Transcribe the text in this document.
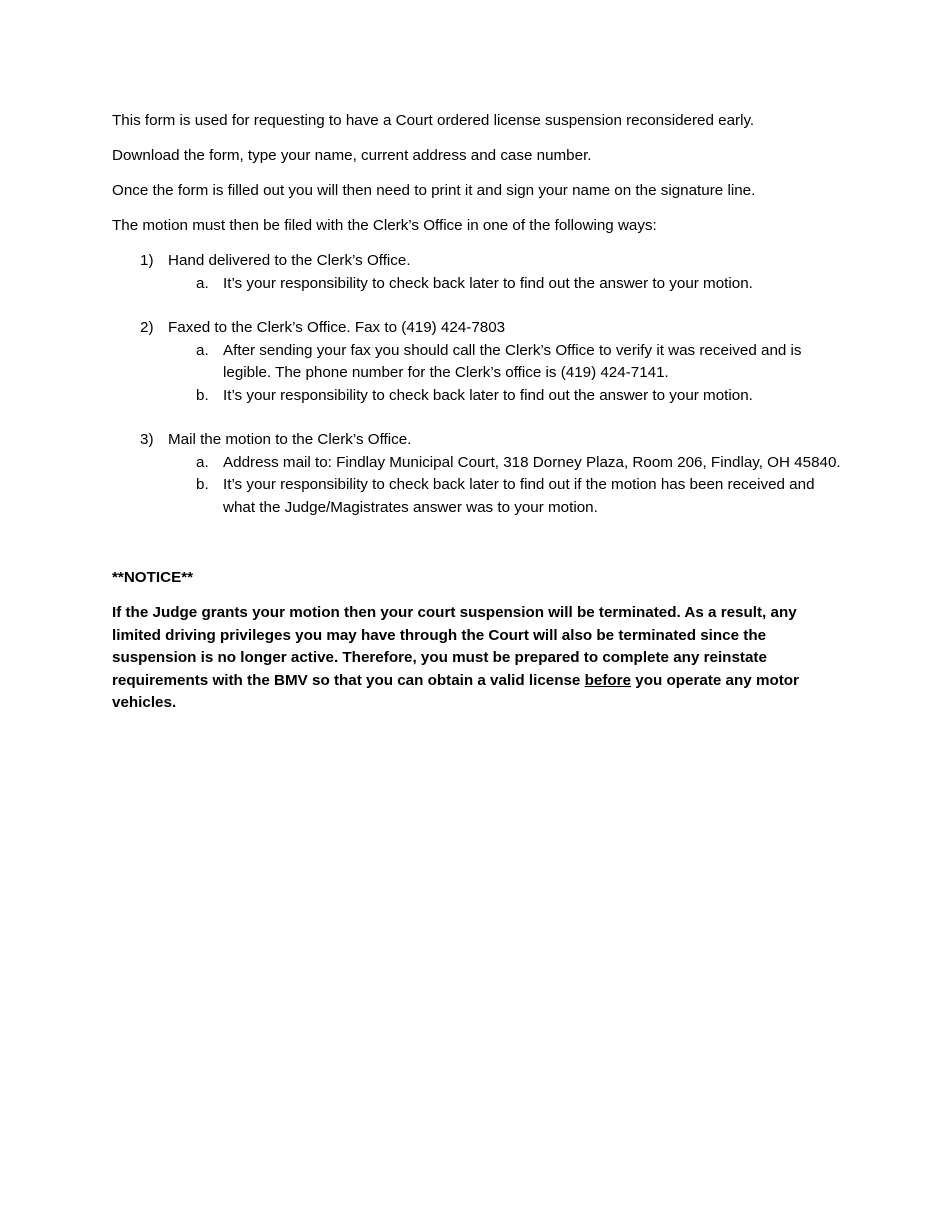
This form is used for requesting to have a Court ordered license suspension reconsidered early.

Download the form, type your name, current address and case number.

Once the form is filled out you will then need to print it and sign your name on the signature line.

The motion must then be filed with the Clerk’s Office in one of the following ways:

1) Hand delivered to the Clerk’s Office.
a. It’s your responsibility to check back later to find out the answer to your motion.
2) Faxed to the Clerk’s Office. Fax to (419) 424-7803
a. After sending your fax you should call the Clerk’s Office to verify it was received and is legible. The phone number for the Clerk’s office is (419) 424-7141.
b. It’s your responsibility to check back later to find out the answer to your motion.
3) Mail the motion to the Clerk’s Office.
a. Address mail to: Findlay Municipal Court, 318 Dorney Plaza, Room 206, Findlay, OH 45840.
b. It’s your responsibility to check back later to find out if the motion has been received and what the Judge/Magistrates answer was to your motion.

**NOTICE**

If the Judge grants your motion then your court suspension will be terminated. As a result, any limited driving privileges you may have through the Court will also be terminated since the suspension is no longer active. Therefore, you must be prepared to complete any reinstate requirements with the BMV so that you can obtain a valid license before you operate any motor vehicles.
